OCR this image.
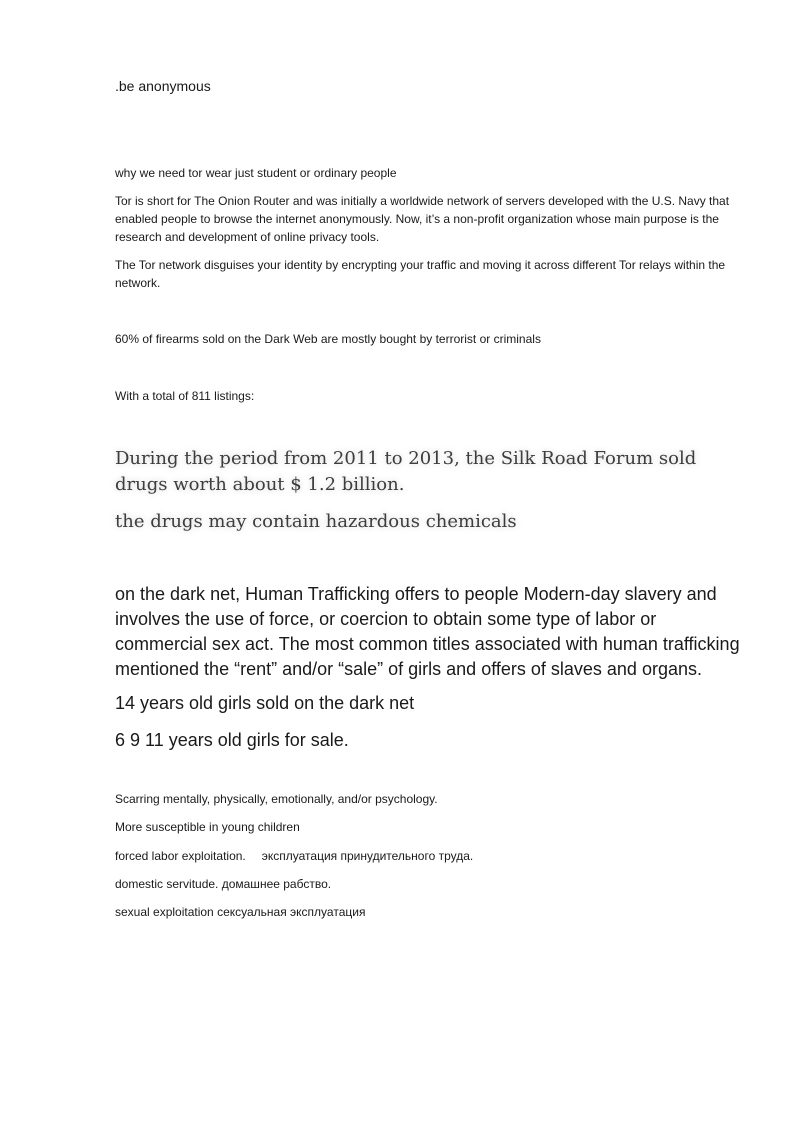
.be anonymous

why we need tor wear just student or ordinary people

Tor is short for The Onion Router and was initially a worldwide network of servers developed with the U.S. Navy that enabled people to browse the internet anonymously. Now, it’s a non-profit organization whose main purpose is the research and development of online privacy tools.

The Tor network disguises your identity by encrypting your traffic and moving it across different Tor relays within the network.

60% of firearms sold on the Dark Web are mostly bought by terrorist or criminals

With a total of 811 listings:

During the period from 2011 to 2013, the Silk Road Forum sold drugs worth about $ 1.2 billion.

the drugs may contain hazardous chemicals

on the dark net, Human Trafficking offers to people Modern-day slavery and involves the use of force, or coercion to obtain some type of labor or commercial sex act. The most common titles associated with human trafficking mentioned the “rent” and/or “sale” of girls and offers of slaves and organs.

14 years old girls sold on the dark net

6 9 11 years old girls for sale.

Scarring mentally, physically, emotionally, and/or psychology.

More susceptible in young children

forced labor exploitation. эксплуатация принудительного труда.

domestic servitude. домашнее рабство.

sexual exploitation сексуальная эксплуатация
